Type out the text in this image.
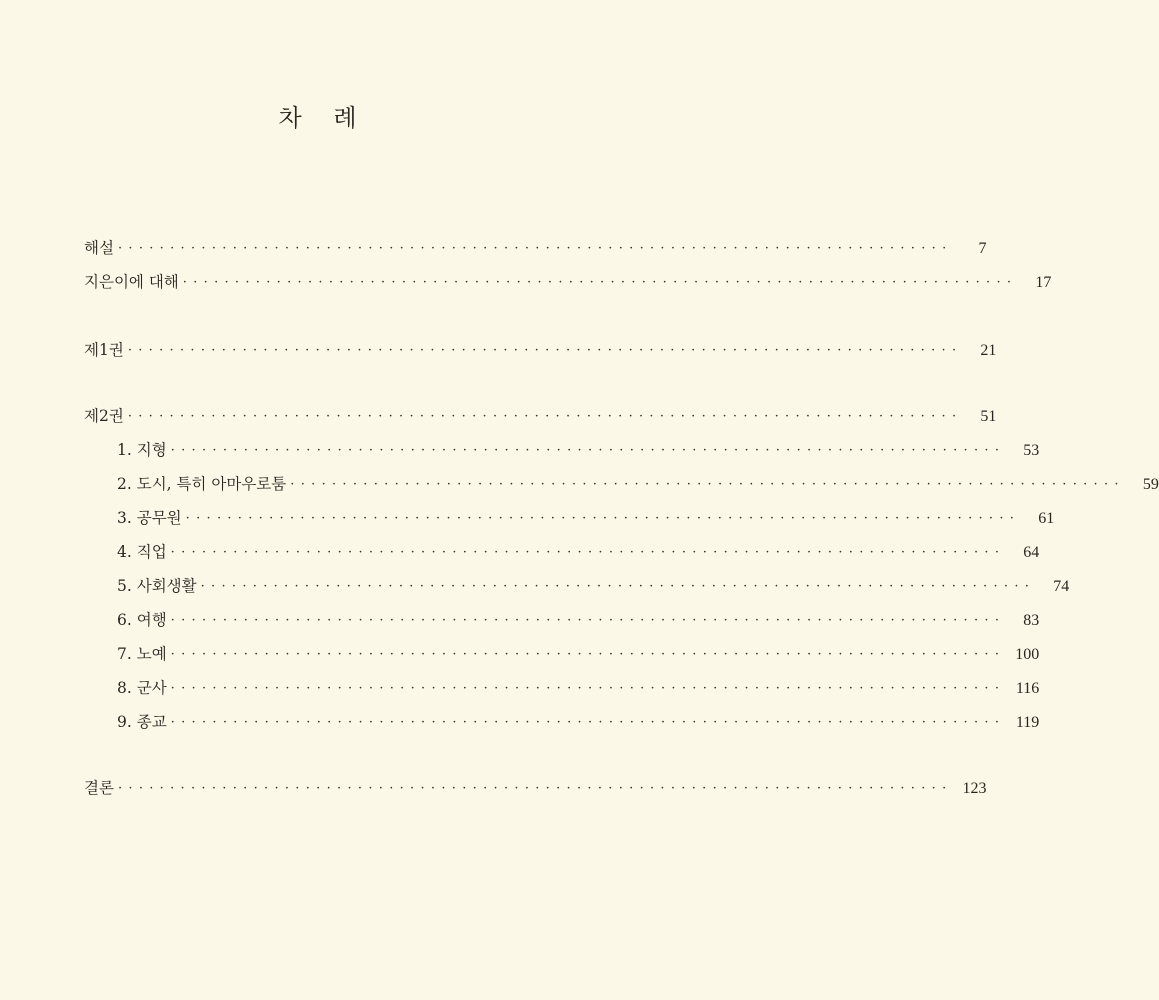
차 례
해설 ················································································	7
지은이에 대해 ················································································	17
제1권 ················································································	21
제2권 ················································································	51
1. 지형 ················································································	53
2. 도시, 특히 아마우로툼 ················································································	59
3. 공무원 ················································································	61
4. 직업 ················································································	64
5. 사회생활 ················································································	74
6. 여행 ················································································	83
7. 노예 ················································································ 100
8. 군사 ················································································ 116
9. 종교 ················································································ 119
결론 ················································································ 123
